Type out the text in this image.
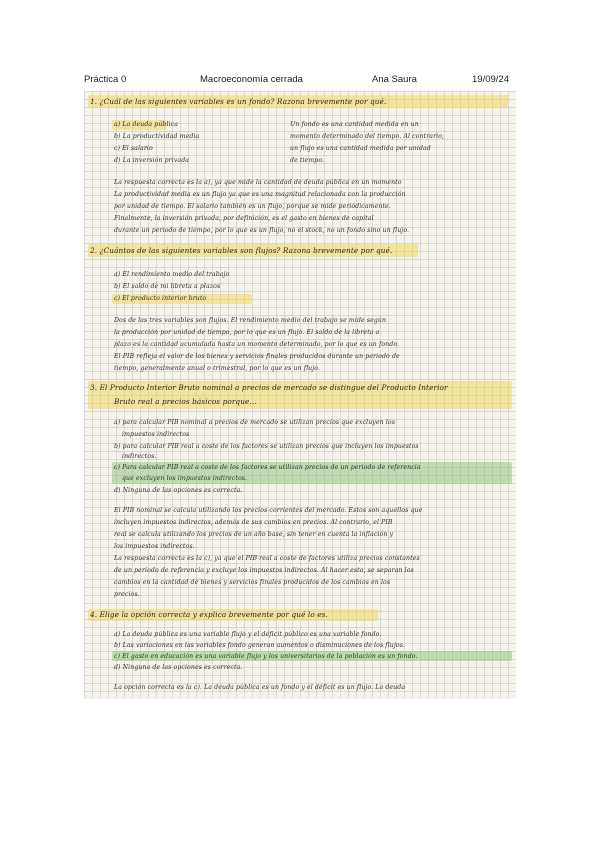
Práctica 0	Macroeconomía cerrada	Ana Saura	19/09/24
1. ¿Cuál de las siguientes variables es un fondo? Razona brevemente por qué.
a) La deuda pública
b) La productividad media
c) El salario
d) La inversión privada
Un fondo es una cantidad medida en un
momento determinado del tiempo. Al contrario,
un flujo es una cantidad medida por unidad
de tiempo.
La respuesta correcta es la a), ya que mide la cantidad de deuda pública en un momento
La productividad media es un flujo ya que es una magnitud relacionada con la producción
por unidad de tiempo. El salario también es un flujo, porque se mide periódicamente.
Finalmente, la inversión privada, por definición, es el gasto en bienes de capital
durante un periodo de tiempo, por lo que es un flujo, no el stock, no un fondo sino un flujo.
2. ¿Cuántos de las siguientes variables son flujos? Razona brevemente por qué.
a) El rendimiento medio del trabajo
b) El saldo de mi libreta a plazos
c) El producto interior bruto
Dos de las tres variables son flujos. El rendimiento medio del trabajo se mide según
la producción por unidad de tiempo, por lo que es un flujo. El saldo de la libreta a
plazo es la cantidad acumulada hasta un momento determinado, por lo que es un fondo.
El PIB refleja el valor de los bienes y servicios finales producidos durante un periodo de
tiempo, generalmente anual o trimestral, por lo que es un flujo.
3. El Producto Interior Bruto nominal a precios de mercado se distingue del Producto Interior
Bruto real a precios básicos porque...
a) para calcular PIB nominal a precios de mercado se utilizan precios que excluyen los
impuestos indirectos
b) para calcular PIB real a coste de los factores se utilizan precios que incluyen los impuestos
indirectos.
c) Para calcular PIB real a coste de los factores se utilizan precios de un periodo de referencia
que excluyen los impuestos indirectos.
d) Ninguna de las opciones es correcta.
El PIB nominal se calcula utilizando los precios corrientes del mercado. Estos son aquellos que
incluyen impuestos indirectos, además de sus cambios en precios. Al contrario, el PIB
real se calcula utilizando los precios de un año base, sin tener en cuenta la inflación y
los impuestos indirectos.
La respuesta correcta es la c), ya que el PIB real a coste de factores utiliza precios constantes
de un periodo de referencia y excluye los impuestos indirectos. Al hacer esto, se separan los
cambios en la cantidad de bienes y servicios finales producidos de los cambios en los
precios.
4. Elige la opción correcta y explica brevemente por qué lo es.
a) La deuda pública es una variable flujo y el déficit público es una variable fondo.
b) Las variaciones en las variables fondo generan aumentos o disminuciones de los flujos.
c) El gasto en educación es una variable flujo y los universitarios de la población es un fondo.
d) Ninguna de las opciones es correcta.
La opción correcta es la c). La deuda pública es un fondo y el déficit es un flujo. La deuda
